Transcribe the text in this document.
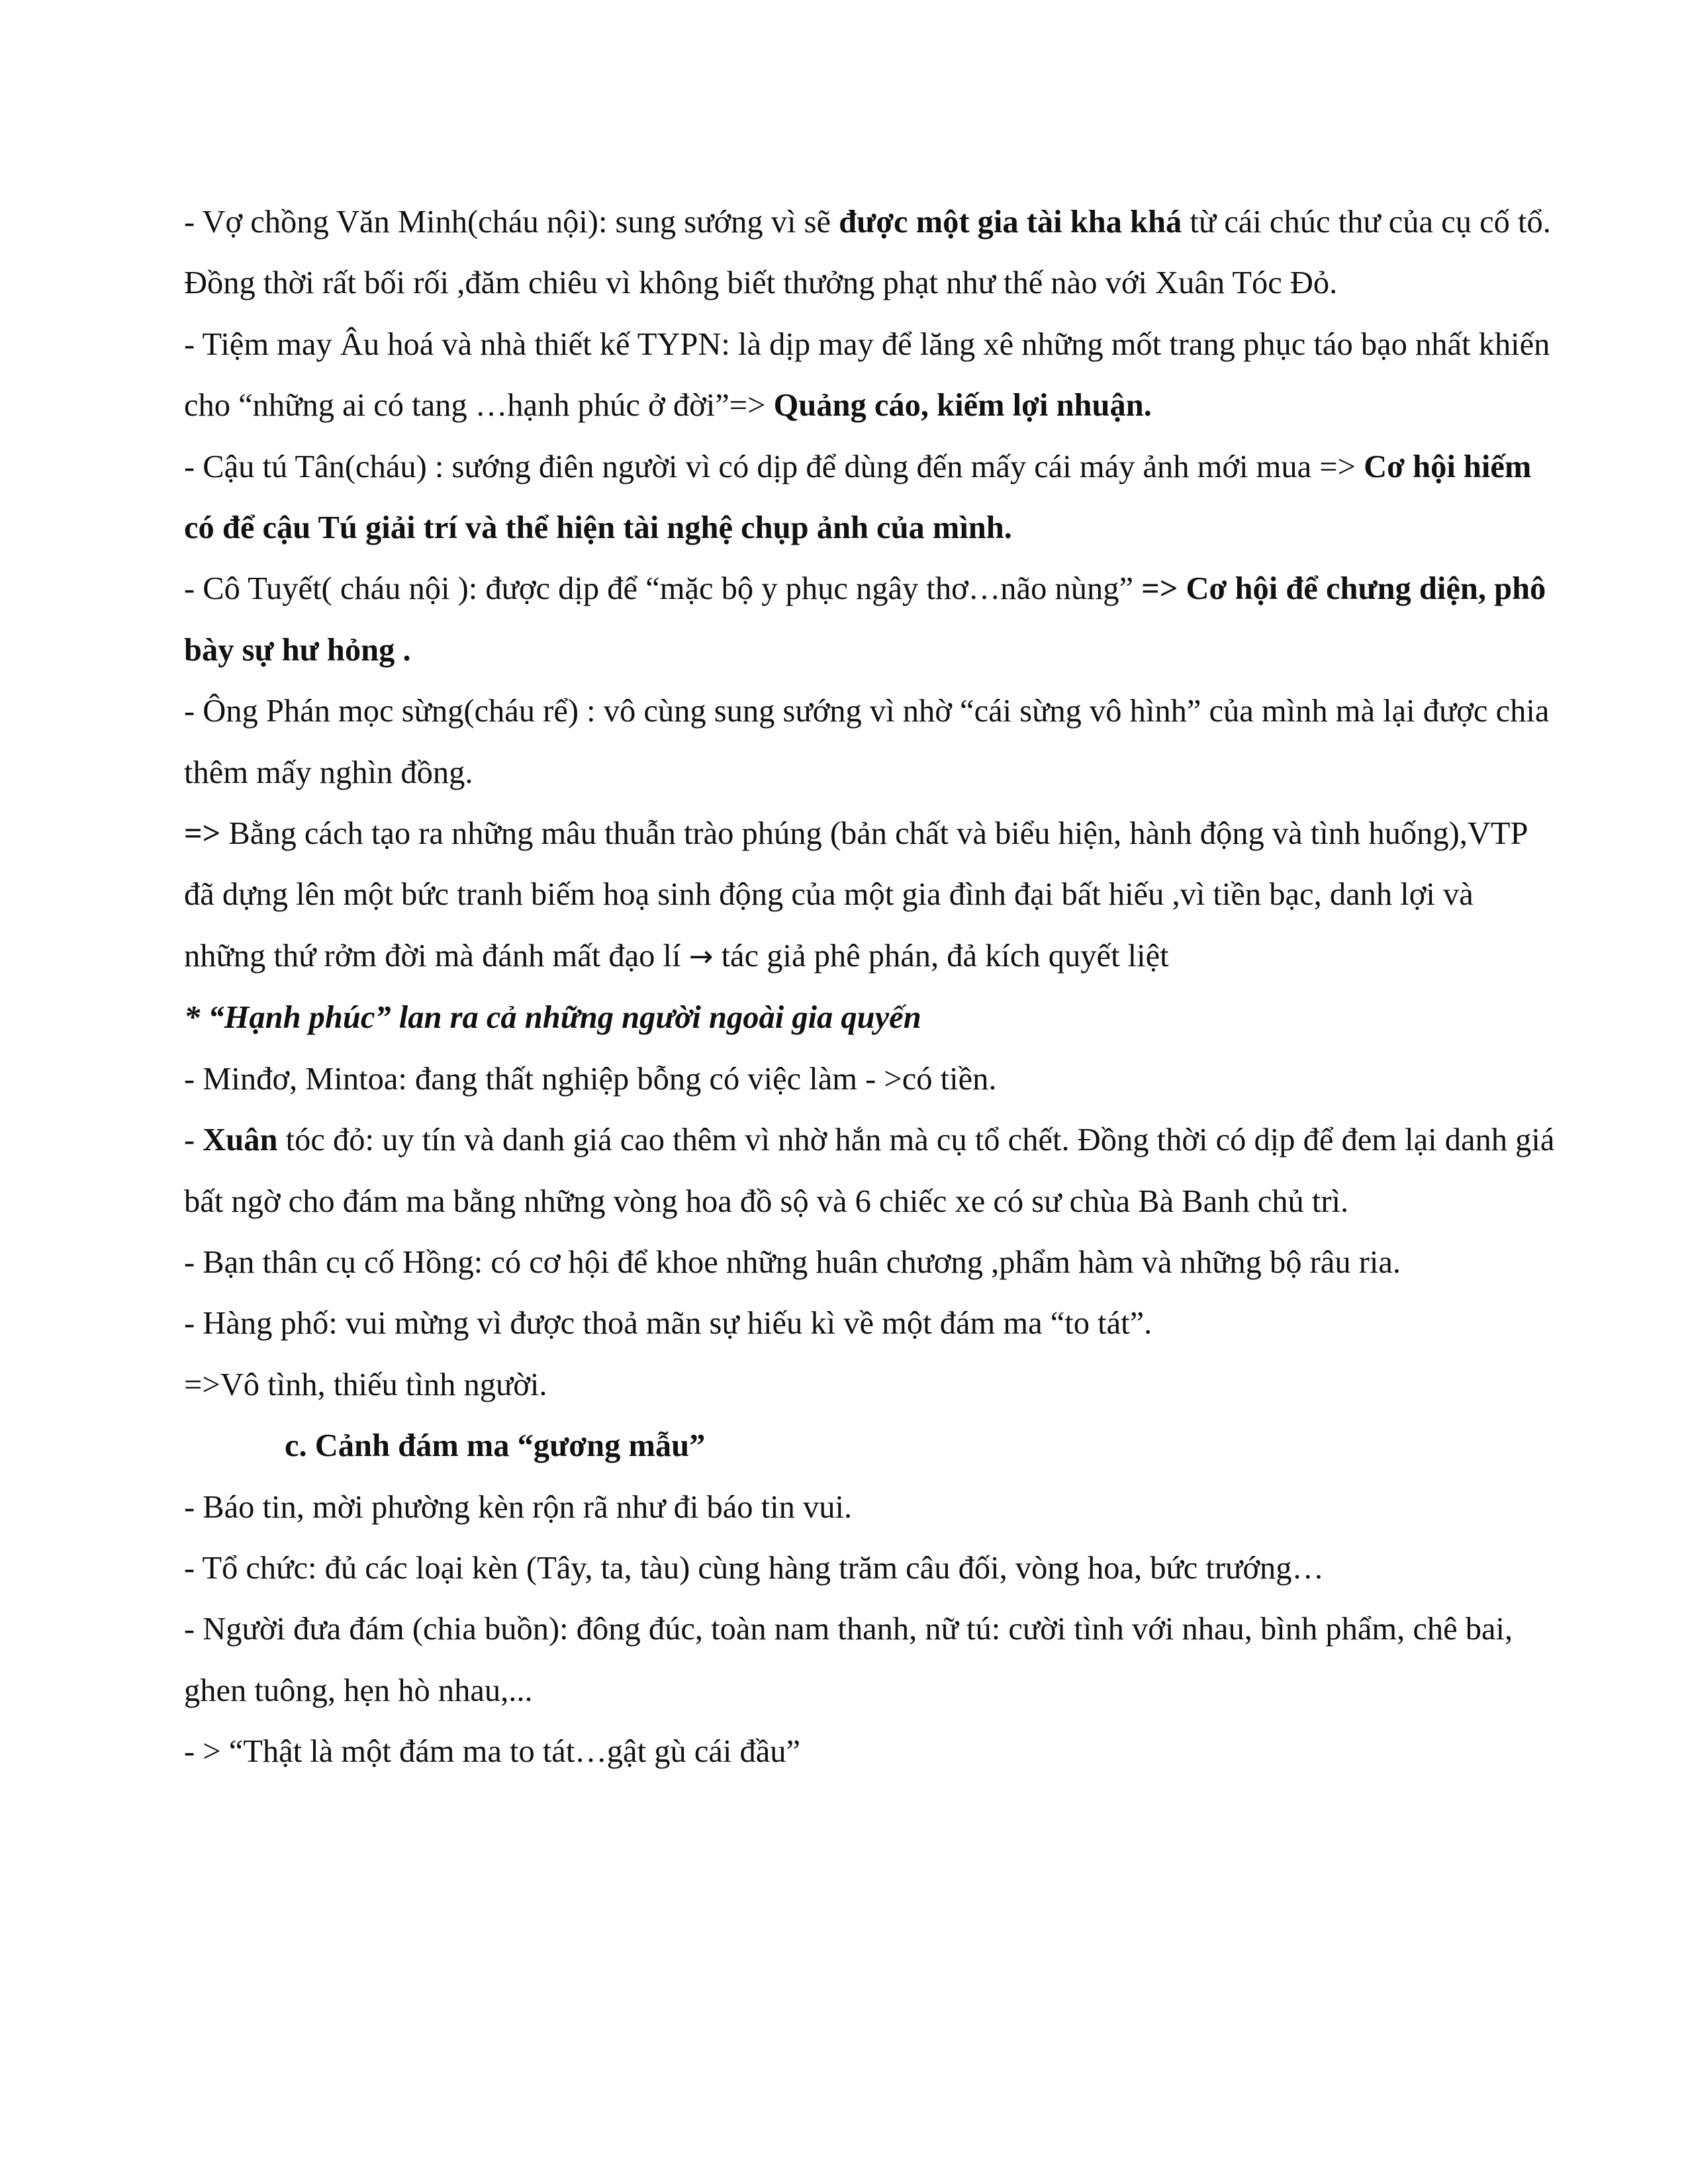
- Vợ chồng Văn Minh(cháu nội): sung sướng vì sẽ được một gia tài kha khá từ cái chúc thư của cụ cố tổ. Đồng thời rất bối rối ,đăm chiêu vì không biết thưởng phạt như thế nào với Xuân Tóc Đỏ.

- Tiệm may Âu hoá và nhà thiết kế TYPN: là dịp may để lăng xê những mốt trang phục táo bạo nhất khiến cho “những ai có tang …hạnh phúc ở đời”=> Quảng cáo, kiếm lợi nhuận.

- Cậu tú Tân(cháu) : sướng điên người vì có dịp để dùng đến mấy cái máy ảnh mới mua => Cơ hội hiếm có để cậu Tú giải trí và thể hiện tài nghệ chụp ảnh của mình.

- Cô Tuyết( cháu nội ): được dịp để “mặc bộ y phục ngây thơ…não nùng” => Cơ hội để chưng diện, phô bày sự hư hỏng .

- Ông Phán mọc sừng(cháu rể) : vô cùng sung sướng vì nhờ “cái sừng vô hình” của mình mà lại được chia thêm mấy nghìn đồng.

=> Bằng cách tạo ra những mâu thuẫn trào phúng (bản chất và biểu hiện, hành động và tình huống),VTP đã dựng lên một bức tranh biếm hoạ sinh động của một gia đình đại bất hiếu ,vì tiền bạc, danh lợi và những thứ rởm đời mà đánh mất đạo lí → tác giả phê phán, đả kích quyết liệt

* “Hạnh phúc” lan ra cả những người ngoài gia quyến

- Minđơ, Mintoa: đang thất nghiệp bỗng có việc làm - >có tiền.

- Xuân tóc đỏ: uy tín và danh giá cao thêm vì nhờ hắn mà cụ tổ chết. Đồng thời có dịp để đem lại danh giá bất ngờ cho đám ma bằng những vòng hoa đồ sộ và 6 chiếc xe có sư chùa Bà Banh chủ trì.

- Bạn thân cụ cố Hồng: có cơ hội để khoe những huân chương ,phẩm hàm và những bộ râu ria.

- Hàng phố: vui mừng vì được thoả mãn sự hiếu kì về một đám ma “to tát”.

=>Vô tình, thiếu tình người.

c. Cảnh đám ma “gương mẫu”

- Báo tin, mời phường kèn rộn rã như đi báo tin vui.

- Tổ chức: đủ các loại kèn (Tây, ta, tàu) cùng hàng trăm câu đối, vòng hoa, bức trướng…

- Người đưa đám (chia buồn): đông đúc, toàn nam thanh, nữ tú: cười tình với nhau, bình phẩm, chê bai, ghen tuông, hẹn hò nhau,...

- > “Thật là một đám ma to tát…gật gù cái đầu”
